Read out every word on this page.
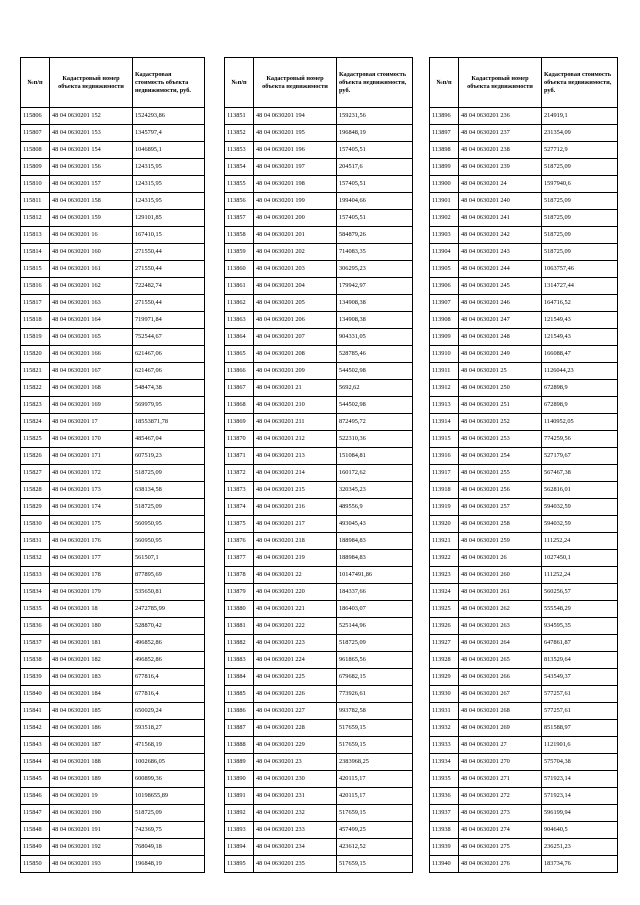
№п/п	Кадастровый номер объекта недвижимости	Кадастровая стоимость объекта недвижимости, руб.
115806	48 04 0630201 152	1524293,86
115807	48 04 0630201 153	1345797,4
115808	48 04 0630201 154	1046895,1
115809	48 04 0630201 156	124315,95
115810	48 04 0630201 157	124315,95
115811	48 04 0630201 158	124315,95
115812	48 04 0630201 159	129101,85
115813	48 04 0630201 16	167410,15
115814	48 04 0630201 160	271550,44
115815	48 04 0630201 161	271550,44
115816	48 04 0630201 162	722482,74
115817	48 04 0630201 163	271550,44
115818	48 04 0630201 164	719971,84
115819	48 04 0630201 165	752544,67
115820	48 04 0630201 166	621467,06
115821	48 04 0630201 167	621467,06
115822	48 04 0630201 168	548474,38
115823	48 04 0630201 169	569979,95
115824	48 04 0630201 17	18553871,78
115825	48 04 0630201 170	485467,04
115826	48 04 0630201 171	607519,23
115827	48 04 0630201 172	518725,09
115828	48 04 0630201 173	638134,58
115829	48 04 0630201 174	518725,09
115830	48 04 0630201 175	560950,95
115831	48 04 0630201 176	560950,95
115832	48 04 0630201 177	561507,1
115833	48 04 0630201 178	877895,69
115834	48 04 0630201 179	535650,81
115835	48 04 0630201 18	2472785,99
115836	48 04 0630201 180	528870,42
115837	48 04 0630201 181	496852,86
115838	48 04 0630201 182	496852,86
115839	48 04 0630201 183	677816,4
115840	48 04 0630201 184	677816,4
115841	48 04 0630201 185	650029,24
115842	48 04 0630201 186	593518,27
115843	48 04 0630201 187	471568,19
115844	48 04 0630201 188	1002686,05
115845	48 04 0630201 189	600899,36
115846	48 04 0630201 19	10198655,89
115847	48 04 0630201 190	518725,09
115848	48 04 0630201 191	742369,75
115849	48 04 0630201 192	768049,18
115850	48 04 0630201 193	196848,19
№п/п	Кадастровый номер объекта недвижимости	Кадастровая стоимость объекта недвижимости, руб.
113851	48 04 0630201 194	159231,56
113852	48 04 0630201 195	196848,19
113853	48 04 0630201 196	157405,51
113854	48 04 0630201 197	204517,6
113855	48 04 0630201 198	157405,51
113856	48 04 0630201 199	199404,66
113857	48 04 0630201 200	157405,51
113858	48 04 0630201 201	584879,26
113859	48 04 0630201 202	714083,35
113860	48 04 0630201 203	306295,23
113861	48 04 0630201 204	179942,97
113862	48 04 0630201 205	134908,38
113863	48 04 0630201 206	134908,38
113864	48 04 0630201 207	904331,05
113865	48 04 0630201 208	528785,46
113866	48 04 0630201 209	544502,98
113867	48 04 0630201 21	5692,62
113868	48 04 0630201 210	544502,98
113869	48 04 0630201 211	872495,72
113870	48 04 0630201 212	522310,36
113871	48 04 0630201 213	151084,81
113872	48 04 0630201 214	160172,62
113873	48 04 0630201 215	320345,23
113874	48 04 0630201 216	489556,9
113875	48 04 0630201 217	493045,43
113876	48 04 0630201 218	188984,83
113877	48 04 0630201 219	188984,83
113878	48 04 0630201 22	10147491,86
113879	48 04 0630201 220	184337,66
113880	48 04 0630201 221	186403,07
113881	48 04 0630201 222	525144,96
113882	48 04 0630201 223	518725,09
113883	48 04 0630201 224	961865,56
113884	48 04 0630201 225	679682,15
113885	48 04 0630201 226	773926,61
113886	48 04 0630201 227	993782,58
113887	48 04 0630201 228	517659,15
113888	48 04 0630201 229	517659,15
113889	48 04 0630201 23	2383968,25
113890	48 04 0630201 230	420115,17
113891	48 04 0630201 231	420115,17
113892	48 04 0630201 232	517659,15
113893	48 04 0630201 233	457499,25
113894	48 04 0630201 234	423612,52
113895	48 04 0630201 235	517659,15
№п/п	Кадастровый номер объекта недвижимости	Кадастровая стоимость объекта недвижимости, руб.
113896	48 04 0630201 236	214919,1
113897	48 04 0630201 237	231354,09
113898	48 04 0630201 238	527712,9
113899	48 04 0630201 239	518725,09
113900	48 04 0630201 24	1597940,6
113901	48 04 0630201 240	518725,09
113902	48 04 0630201 241	518725,09
113903	48 04 0630201 242	518725,09
113904	48 04 0630201 243	518725,09
113905	48 04 0630201 244	1063757,46
113906	48 04 0630201 245	1314727,44
113907	48 04 0630201 246	164716,52
113908	48 04 0630201 247	121549,43
113909	48 04 0630201 248	121549,43
113910	48 04 0630201 249	166088,47
113911	48 04 0630201 25	1126044,23
113912	48 04 0630201 250	672898,9
113913	48 04 0630201 251	672898,9
113914	48 04 0630201 252	1140952,05
113915	48 04 0630201 253	774259,56
113916	48 04 0630201 254	527179,67
113917	48 04 0630201 255	567467,38
113918	48 04 0630201 256	562816,01
113919	48 04 0630201 257	594032,59
113920	48 04 0630201 258	594032,59
113921	48 04 0630201 259	111252,24
113922	48 04 0630201 26	1027450,1
113923	48 04 0630201 260	111252,24
113924	48 04 0630201 261	560256,57
113925	48 04 0630201 262	555548,29
113926	48 04 0630201 263	934595,35
113927	48 04 0630201 264	647861,87
113928	48 04 0630201 265	813529,64
113929	48 04 0630201 266	543549,37
113930	48 04 0630201 267	577257,61
113931	48 04 0630201 268	577257,61
113932	48 04 0630201 269	851588,97
113933	48 04 0630201 27	1121901,6
113934	48 04 0630201 270	575704,38
113935	48 04 0630201 271	571923,14
113936	48 04 0630201 272	571923,14
113937	48 04 0630201 273	596199,94
113938	48 04 0630201 274	904640,5
113939	48 04 0630201 275	236251,23
113940	48 04 0630201 276	183734,76
